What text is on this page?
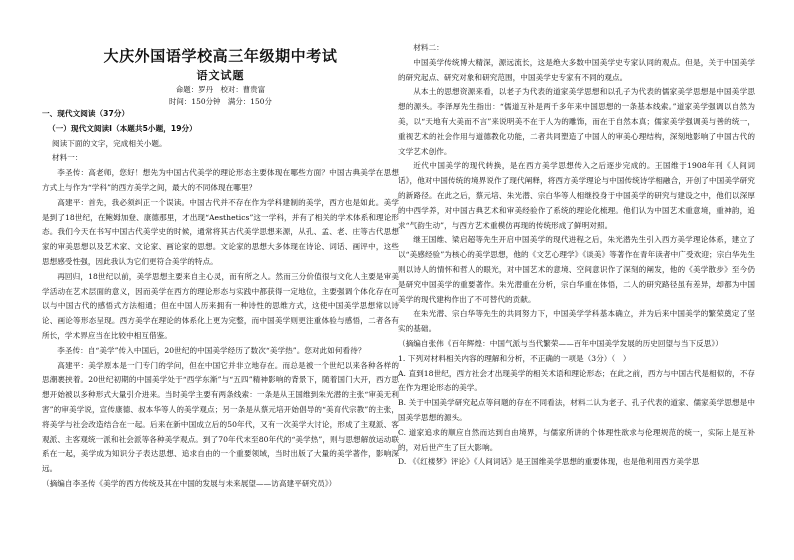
大庆外国语学校高三年级期中考试
语文试题
命题：罗丹　校对：曹贵富
时间：150分钟　满分：150分
一、现代文阅读（37分）
（一）现代文阅读Ⅰ（本题共5小题，19分）
阅读下面的文字，完成相关小题。
材料一：
李圣传：高老师，您好！想先为中国古代美学的理论形态主要体现在哪些方面？中国古典美学在思想方式上与作为“学科”的西方美学之间，最大的不同体现在哪里？
高建平：首先，我必须纠正一个误读。中国古代并不存在作为学科建制的美学，西方也是如此。美学是到了18世纪，在鲍姆加登、康德那里，才出现“Aesthetics”这一学科，并有了相关的学术体系和理论形态。我们今天在书写中国古代美学史的时候，通常将其古代美学思想来源，从孔、孟、老、庄等古代思想家的审美思想以及艺术家、文论家、画论家的思想。文论家的思想大多体现在诗论、词话、画评中，这些思想感受性强，因此我认为它们更符合美学的特点。
再回归，18世纪以前，美学思想主要来自主心灵，而有所之人。然而三分价值很与文化人主要是审美学活动在艺术层面的意义，因而美学在西方的理论形态与实践中都获得一定地位，主要强调个体化存在可以与中国古代的感悟式方法相通；但在中国人历来拥有一种诗性的思维方式，这使中国美学思想常以诗论、画论等形态呈现。西方美学在理论的体系化上更为完整，而中国美学则更注重体验与感悟，二者各有所长，学术界应当在比较中相互借鉴。
李圣传：自“美学”传入中国后，20世纪的中国美学经历了数次“美学热”。您对此如何看待？
高建平：美学原本是一门专门的学问，但在中国它并非立地存在。而总是被一个世纪以来各种各样的思潮裹挟着。20世纪初期的中国美学处于“西学东渐”与“五四”精神影响的背景下，随着国门大开，西方思想开始被以多种形式大量引介进来。当时美学主要有两条线索：一条是从王国维到朱光潜的主张“审美无利害”的审美学说，宣传康德、叔本华等人的美学观点；另一条是从蔡元培开始倡导的“美育代宗教”的主张，将美学与社会改造结合在一起。后来在新中国成立后的50年代，又有一次美学大讨论，形成了主观派、客观派、主客观统一派和社会派等各种美学观点。到了70年代末至80年代的“美学热”，则与思想解放运动联系在一起，美学成为知识分子表达思想、追求自由的一个重要领域，当时出版了大量的美学著作，影响深远。
（摘编自李圣传《美学的西方传统及其在中国的发展与未来展望——访高建平研究员》）
材料二：
中国美学传统博大精深，源远流长，这是绝大多数中国美学史专家认同的观点。但是，关于中国美学的研究起点、研究对象和研究范围，中国美学史专家有不同的观点。
从本土的思想资源来看，以老子为代表的道家美学思想和以孔子为代表的儒家美学思想是中国美学思想的源头。李泽厚先生指出：“儒道互补是两千多年来中国思想的一条基本线索。”道家美学强调以自然为美，以“天地有大美而不言”来说明美不在于人为的雕饰，而在于自然本真；儒家美学强调美与善的统一，重视艺术的社会作用与道德教化功能，二者共同塑造了中国人的审美心理结构，深刻地影响了中国古代的文学艺术创作。
近代中国美学的现代转换，是在西方美学思想传入之后逐步完成的。王国维于1908年刊《人间词话》，他对中国传统的境界说作了现代阐释，将西方美学理论与中国传统诗学相融合，开创了中国美学研究的新路径。在此之后，蔡元培、朱光潜、宗白华等人相继投身于中国美学的研究与建设之中，他们以深厚的中西学养，对中国古典艺术和审美经验作了系统的理论化梳理。他们认为中国艺术重意境，重神韵，追求“气韵生动”，与西方艺术重模仿再现的传统形成了鲜明对照。
继王国维、梁启超等先生开启中国美学的现代进程之后，朱光潜先生引入西方美学理论体系，建立了以“美感经验”为核心的美学思想，他的《文艺心理学》《谈美》等著作在青年读者中广受欢迎；宗白华先生则以诗人的情怀和哲人的眼光，对中国艺术的意境、空间意识作了深刻的阐发，他的《美学散步》至今仍是研究中国美学的重要著作。朱光潜重在分析，宗白华重在体悟，二人的研究路径虽有差异，却都为中国美学的现代建构作出了不可替代的贡献。
在朱光潜、宗白华等先生的共同努力下，中国美学学科基本确立，并为后来中国美学的繁荣奠定了坚实的基础。
（摘编自张伟《百年辉煌：中国气派与当代繁荣——百年中国美学发展的历史回望与当下反思》）
1. 下列对材料相关内容的理解和分析，不正确的一项是（3分）（　）
A. 直到18世纪，西方社会才出现美学的相关术语和理论形态；在此之前，西方与中国古代是相似的，不存在作为理论形态的美学。
B. 关于中国美学研究起点等问题的存在不同看法，材料二认为老子、孔子代表的道家、儒家美学思想是中国美学思想的源头。
C. 道家追求的顺应自然而达到自由境界，与儒家所讲的个体理性欲求与伦理规范的统一，实际上是互补的，对后世产生了巨大影响。
D. 《《红楼梦》评论》《人间词话》是王国维美学思想的重要体现，也是他利用西方美学思
